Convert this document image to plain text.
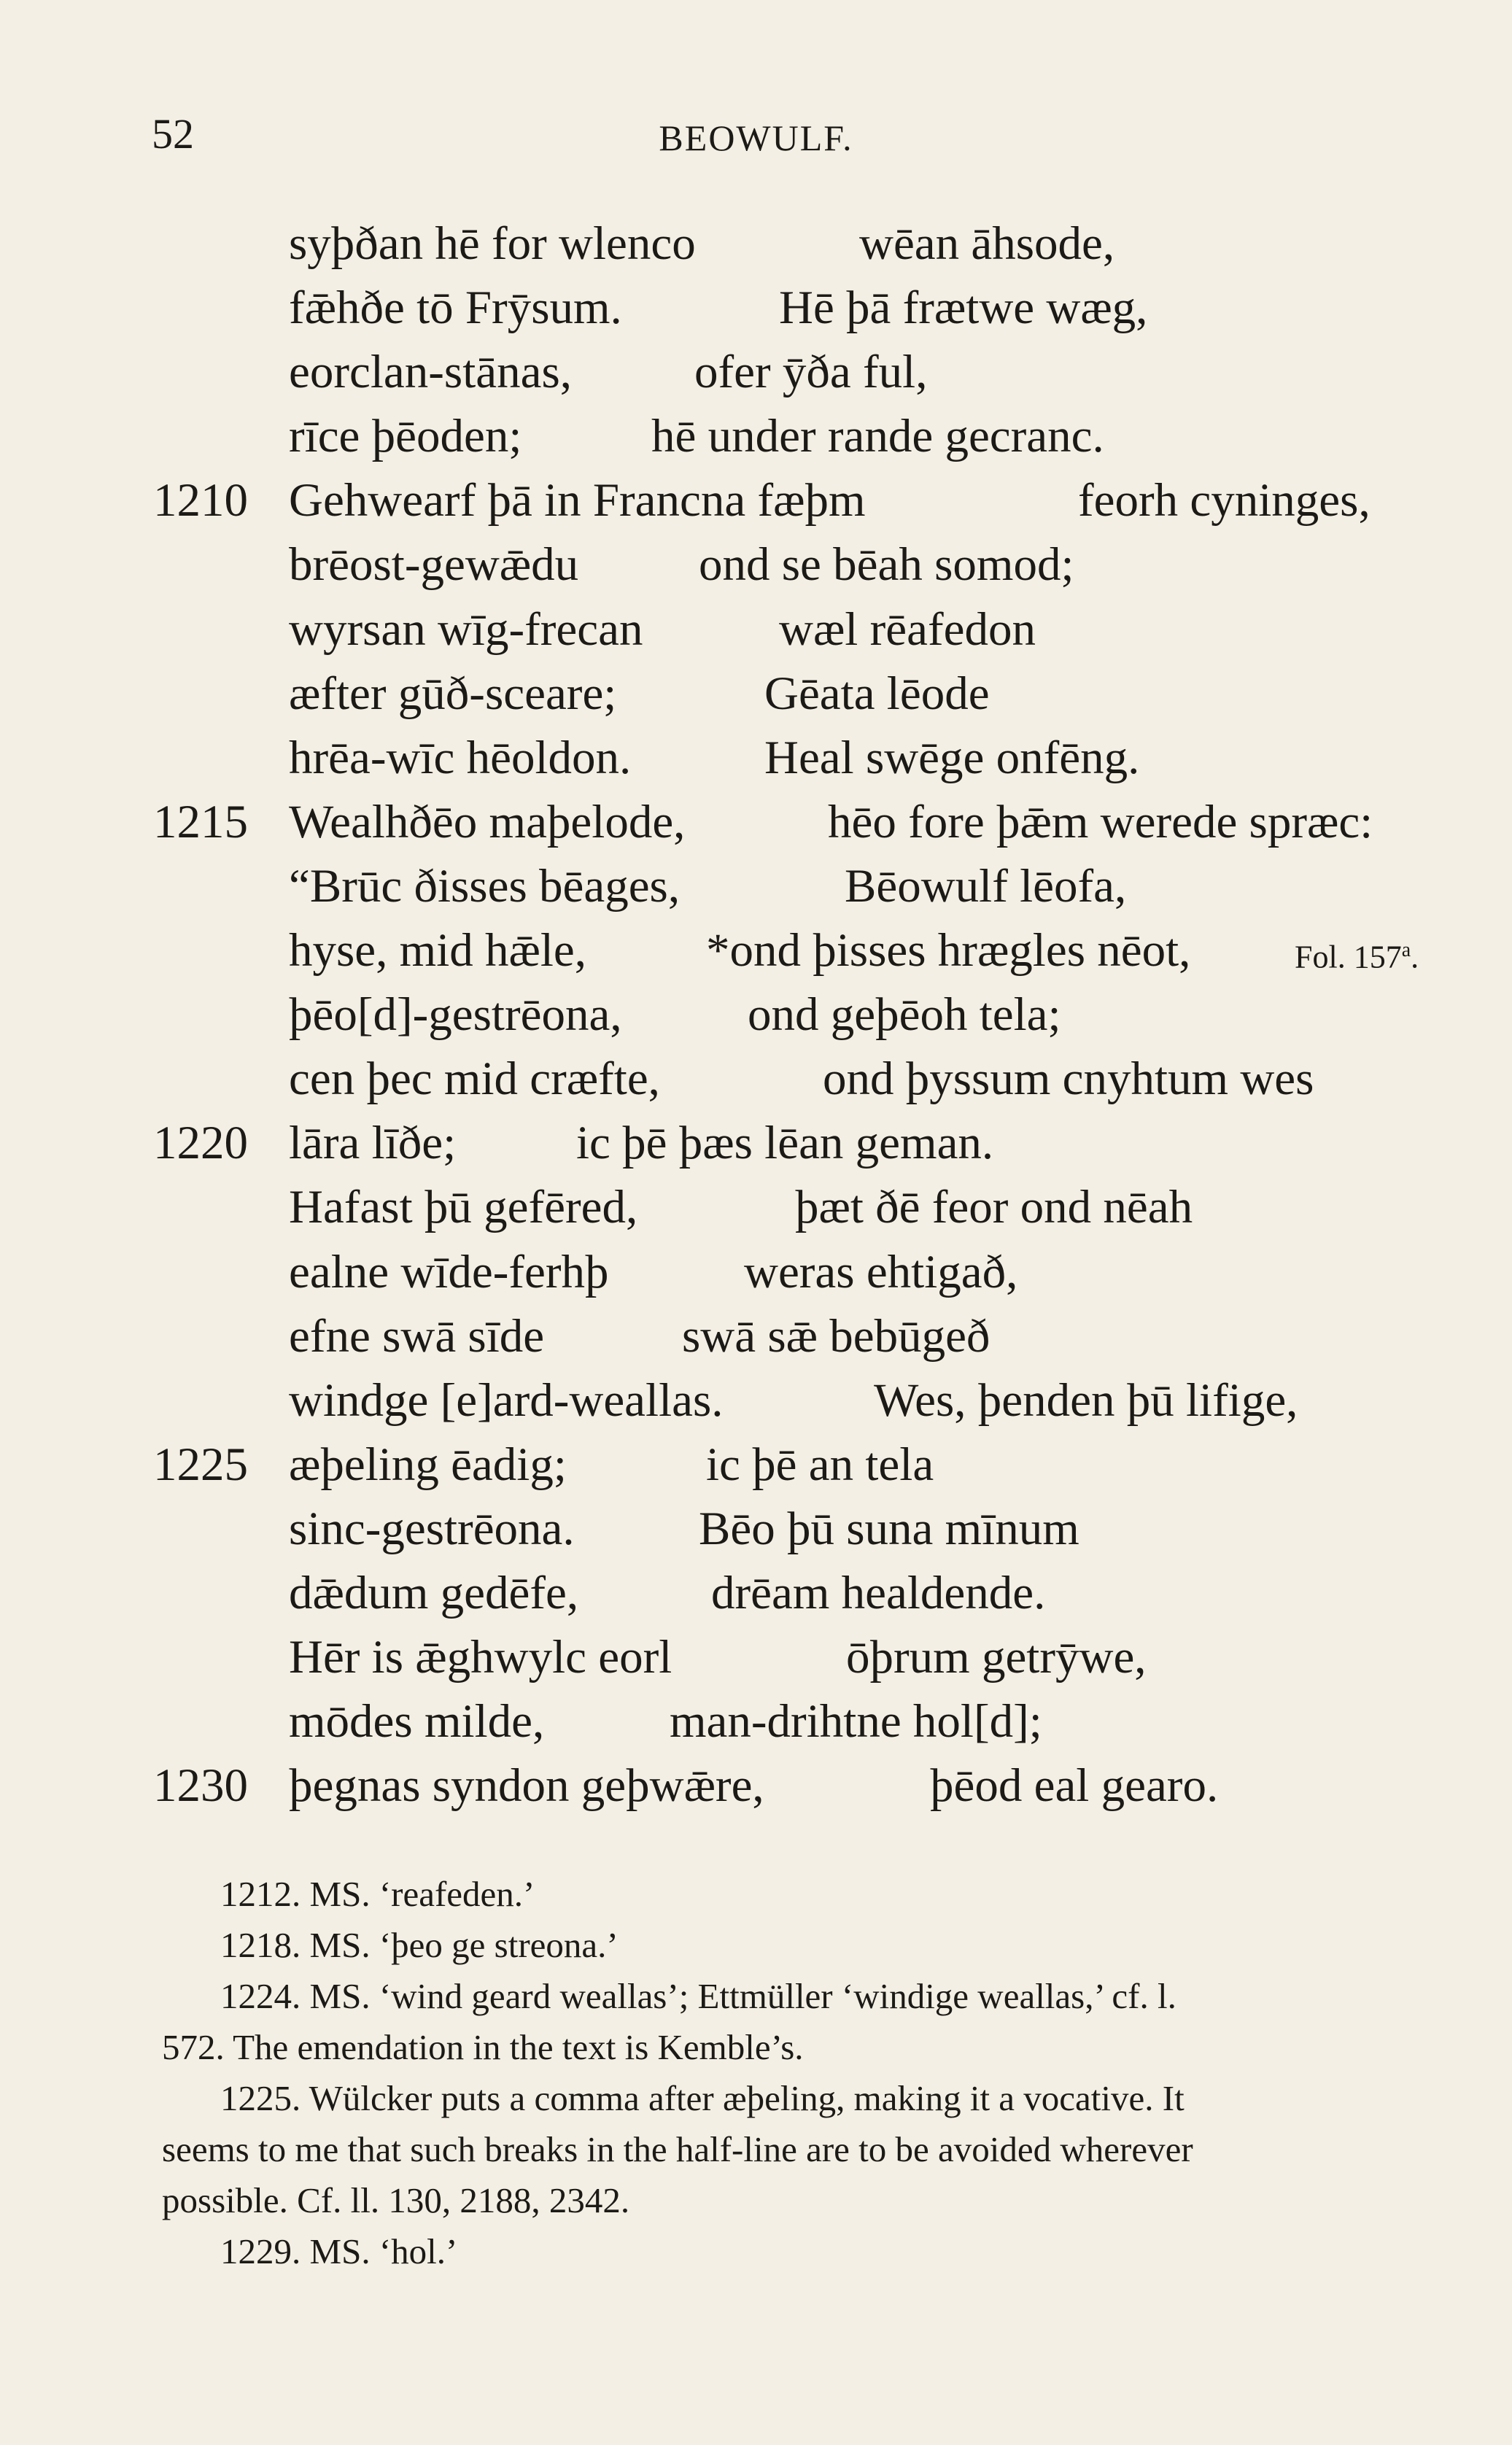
52	BEOWULF.
syþðan hē for wlenco	wēan āhsode,
fǣhðe tō Frȳsum.	Hē þā frætwe wæg,
eorclan-stānas,	ofer ȳða ful,
rīce þēoden;	hē under rande gecranc.
1210 Gehwearf þā in Francna fæþm	feorh cyninges,
brēost-gewǣdu	ond se bēah somod;
wyrsan wīg-frecan	wæl rēafedon
æfter gūð-sceare;	Gēata lēode
hrēa-wīc hēoldon.	Heal swēge onfēng.
1215 Wealhðēo maþelode,	hēo fore þǣm werede spræc:
“Brūc ðisses bēages,	Bēowulf lēofa,
hyse, mid hǣle,	*ond þisses hrægles nēot,	Fol. 157$^a$.
þēo[d]-gestrēona,	ond geþēoh tela;
cen þec mid cræfte,	ond þyssum cnyhtum wes
1220 lāra līðe;	ic þē þæs lēan geman.
Hafast þū gefēred,	þæt ðē feor ond nēah
ealne wīde-ferhþ	weras ehtigað,
efne swā sīde	swā sǣ bebūgeð
windge [e]ard-weallas.	Wes, þenden þū lifige,
1225 æþeling ēadig;	ic þē an tela
sinc-gestrēona.	Bēo þū suna mīnum
dǣdum gedēfe,	drēam healdende.
Hēr is ǣghwylc eorl	ōþrum getrȳwe,
mōdes milde,	man-drihtne hol[d];
1230 þegnas syndon geþwǣre,	þēod eal gearo.

1212. MS. ‘reafeden.’

1218. MS. ‘þeo ge streona.’

1224. MS. ‘wind geard weallas’; Ettmüller ‘windige weallas,’ cf. l.

572. The emendation in the text is Kemble’s.

1225. Wülcker puts a comma after æþeling, making it a vocative. It

seems to me that such breaks in the half-line are to be avoided wherever

possible. Cf. ll. 130, 2188, 2342.

1229. MS. ‘hol.’
